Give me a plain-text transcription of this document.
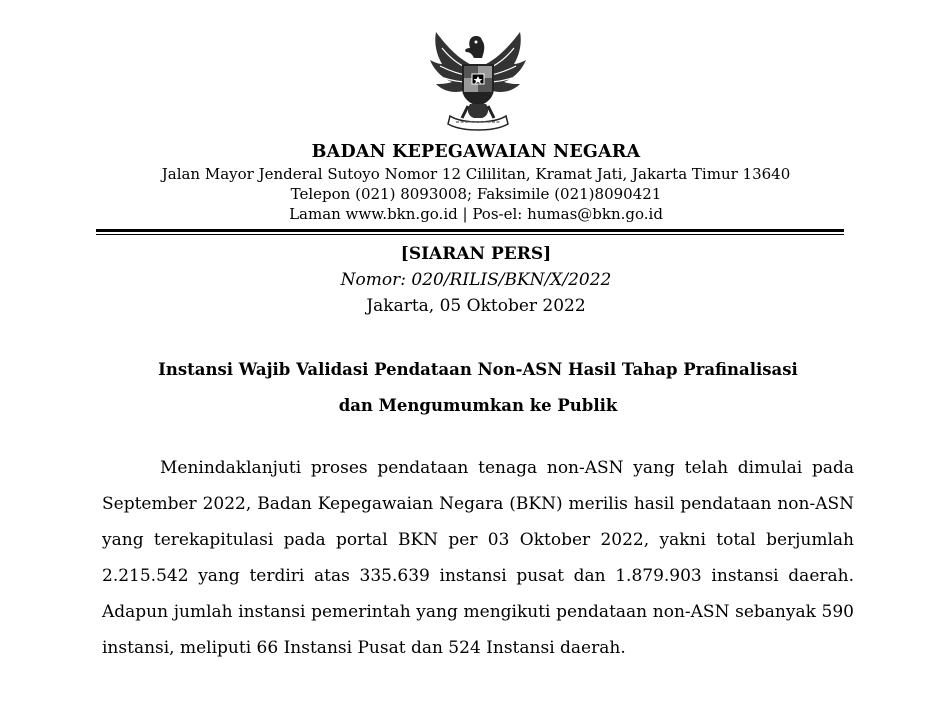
BADAN KEPEGAWAIAN NEGARA
Jalan Mayor Jenderal Sutoyo Nomor 12 Cililitan, Kramat Jati, Jakarta Timur 13640
Telepon (021) 8093008; Faksimile (021)8090421
Laman www.bkn.go.id | Pos-el: humas@bkn.go.id
[SIARAN PERS]
Nomor: 020/RILIS/BKN/X/2022
Jakarta, 05 Oktober 2022
Instansi Wajib Validasi Pendataan Non-ASN Hasil Tahap Prafinalisasi
dan Mengumumkan ke Publik
Menindaklanjuti proses pendataan tenaga non-ASN yang telah dimulai pada September 2022, Badan Kepegawaian Negara (BKN) merilis hasil pendataan non-ASN yang terekapitulasi pada portal BKN per 03 Oktober 2022, yakni total berjumlah 2.215.542 yang terdiri atas 335.639 instansi pusat dan 1.879.903 instansi daerah. Adapun jumlah instansi pemerintah yang mengikuti pendataan non-ASN sebanyak 590 instansi, meliputi 66 Instansi Pusat dan 524 Instansi daerah.
